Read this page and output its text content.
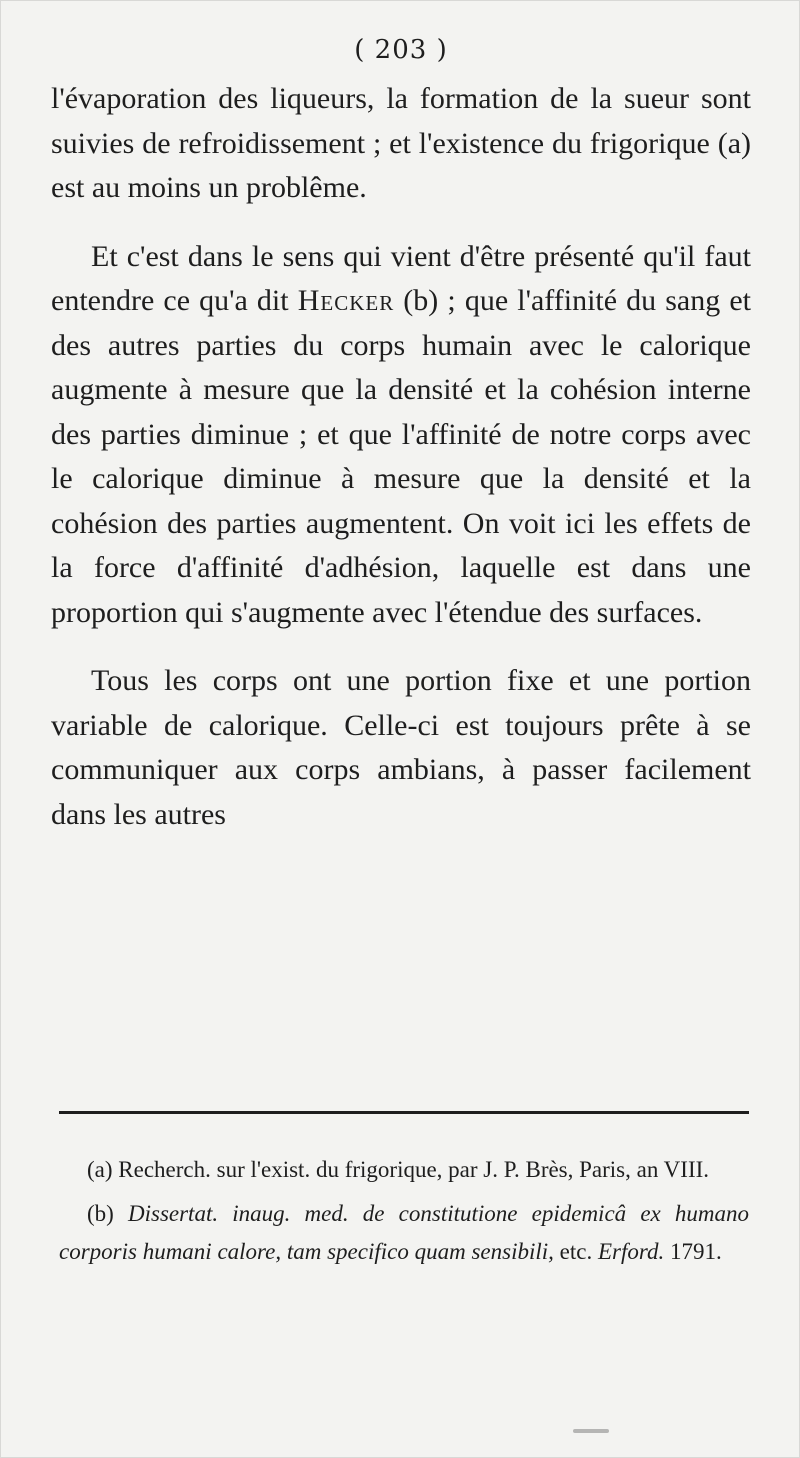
( 203 )

l'évaporation des liqueurs, la formation de la sueur sont suivies de refroidissement ; et l'existence du frigorique (a) est au moins un problême.

Et c'est dans le sens qui vient d'être présenté qu'il faut entendre ce qu'a dit Hecker (b) ; que l'affinité du sang et des autres parties du corps humain avec le calorique augmente à mesure que la densité et la cohésion interne des parties diminue ; et que l'affinité de notre corps avec le calorique diminue à mesure que la densité et la cohésion des parties augmentent. On voit ici les effets de la force d'affinité d'adhésion, laquelle est dans une proportion qui s'augmente avec l'étendue des surfaces.

Tous les corps ont une portion fixe et une portion variable de calorique. Celle-ci est toujours prête à se communiquer aux corps ambians, à passer facilement dans les autres

(a) Recherch. sur l'exist. du frigorique, par J. P. Brès, Paris, an VIII.

(b) Dissertat. inaug. med. de constitutione epidemicâ ex humano corporis humani calore, tam specifico quam sensibili, etc. Erford. 1791.
